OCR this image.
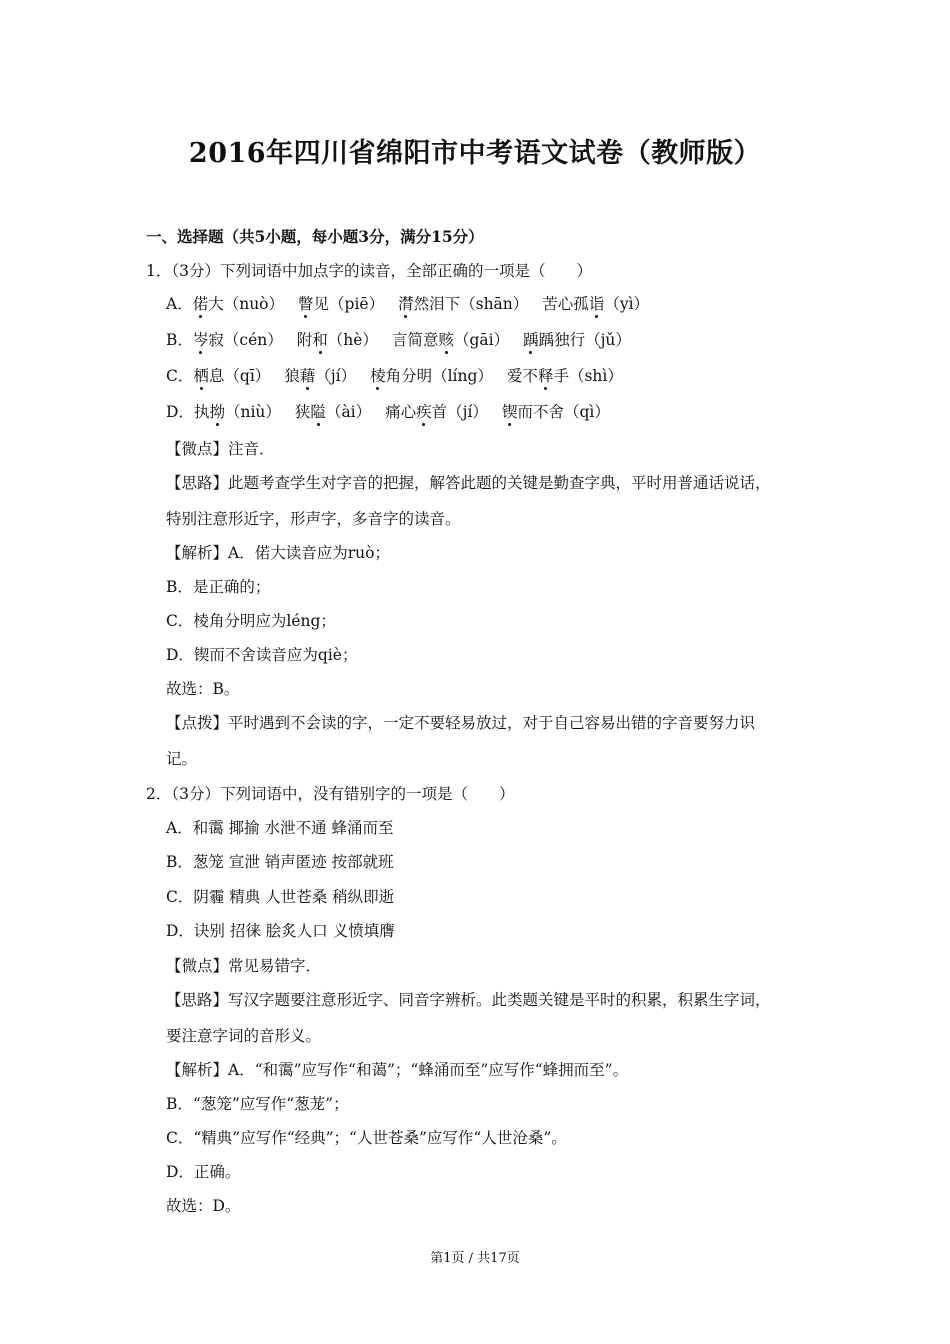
2016年四川省绵阳市中考语文试卷（教师版）
一、选择题（共5小题，每小题3分，满分15分）
1．（3分）下列词语中加点字的读音，全部正确的一项是（　　）
A．偌大（nuò） 瞥见（piē） 潸然泪下（shān） 苦心孤诣（yì）
B．岑寂（cén） 附和（hè） 言简意赅（gāi） 踽踽独行（jǔ）
C．栖息（qī） 狼藉（jí） 棱角分明（líng） 爱不释手（shì）
D．执拗（niù） 狭隘（ài） 痛心疾首（jí） 锲而不舍（qì）
【微点】注音．
【思路】此题考查学生对字音的把握，解答此题的关键是勤查字典，平时用普通话说话，
特别注意形近字，形声字，多音字的读音。
【解析】A．偌大读音应为ruò；
B．是正确的；
C．棱角分明应为léng；
D．锲而不舍读音应为qiè；
故选：B。
【点拨】平时遇到不会读的字，一定不要轻易放过，对于自己容易出错的字音要努力识
记。
2．（3分）下列词语中，没有错别字的一项是（　　）
A．和霭 揶揄 水泄不通 蜂涌而至
B．葱笼 宣泄 销声匿迹 按部就班
C．阴霾 精典 人世苍桑 稍纵即逝
D．诀别 招徕 脍炙人口 义愤填膺
【微点】常见易错字．
【思路】写汉字题要注意形近字、同音字辨析。此类题关键是平时的积累，积累生字词，
要注意字词的音形义。
【解析】A．“和霭”应写作“和蔼”；“蜂涌而至”应写作“蜂拥而至”。
B．“葱笼”应写作“葱茏”；
C．“精典”应写作“经典”；“人世苍桑”应写作“人世沧桑”。
D．正确。
故选：D。
第1页 / 共17页
